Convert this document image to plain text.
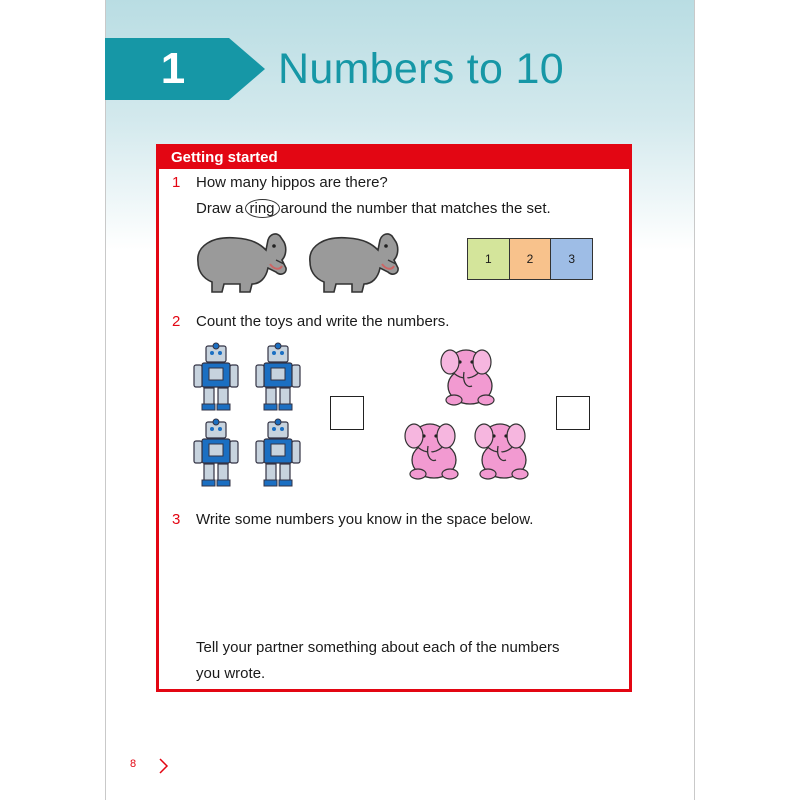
1 Numbers to 10
Getting started
1 How many hippos are there?
Draw a ring around the number that matches the set.
1	2	3
2 Count the toys and write the numbers.
3 Write some numbers you know in the space below.
Tell your partner something about each of the numbers
you wrote.
8
